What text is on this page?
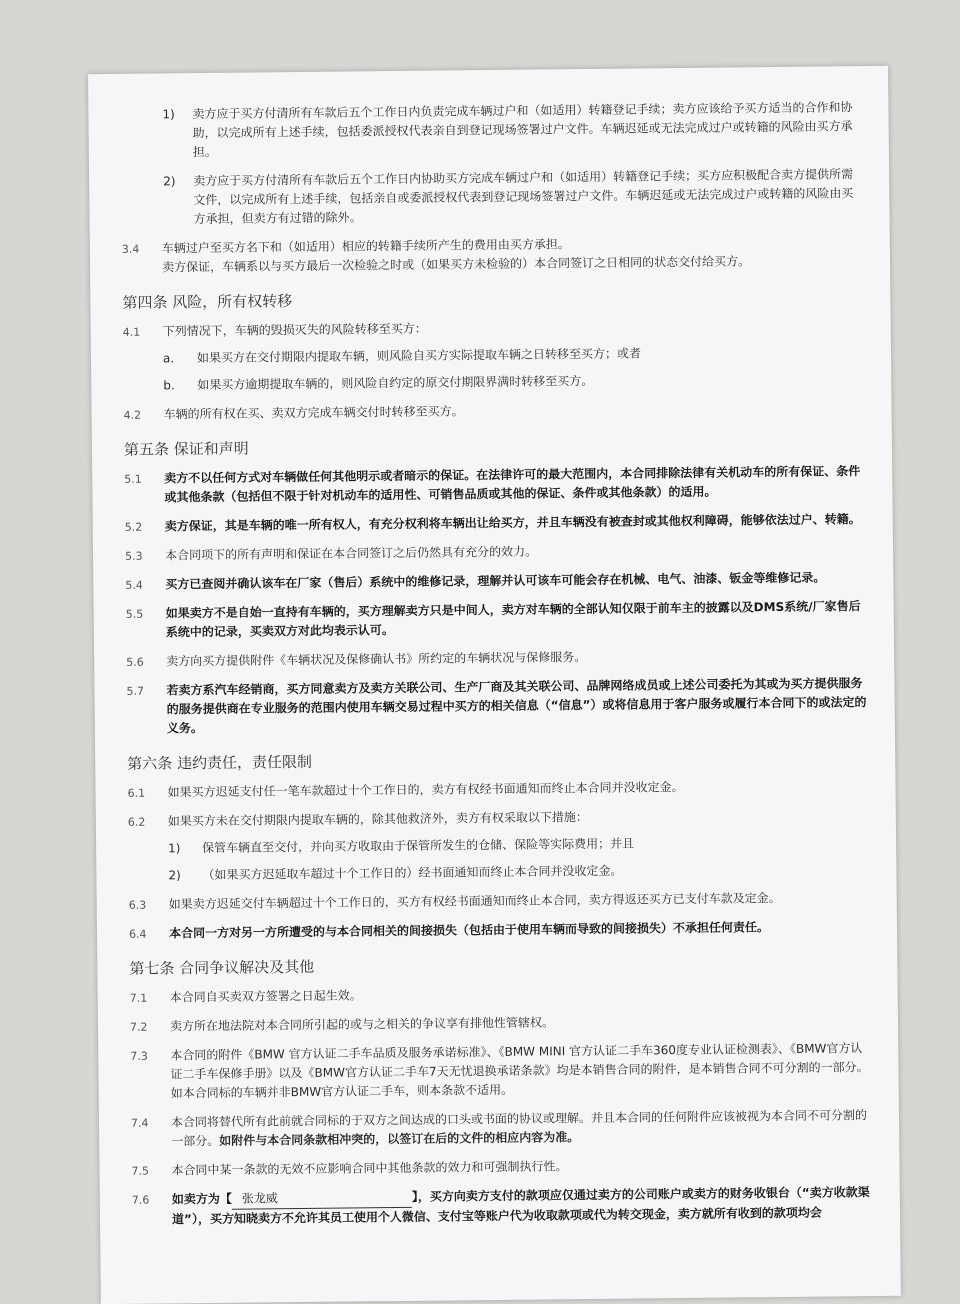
1)	卖方应于买方付清所有车款后五个工作日内负责完成车辆过户和（如适用）转籍登记手续；卖方应该给予买方适当的合作和协助，以完成所有上述手续，包括委派授权代表亲自到登记现场签署过户文件。车辆迟延或无法完成过户或转籍的风险由买方承担。
2)	卖方应于买方付清所有车款后五个工作日内协助买方完成车辆过户和（如适用）转籍登记手续；买方应积极配合卖方提供所需文件，以完成所有上述手续，包括亲自或委派授权代表到登记现场签署过户文件。车辆迟延或无法完成过户或转籍的风险由买方承担，但卖方有过错的除外。
3.4	车辆过户至买方名下和（如适用）相应的转籍手续所产生的费用由买方承担。
卖方保证，车辆系以与买方最后一次检验之时或（如果买方未检验的）本合同签订之日相同的状态交付给买方。
第四条 风险，所有权转移
4.1	下列情况下，车辆的毁损灭失的风险转移至买方：
a.	如果买方在交付期限内提取车辆，则风险自买方实际提取车辆之日转移至买方；或者
b.	如果买方逾期提取车辆的，则风险自约定的原交付期限界满时转移至买方。
4.2	车辆的所有权在买、卖双方完成车辆交付时转移至买方。
第五条 保证和声明
5.1	卖方不以任何方式对车辆做任何其他明示或者暗示的保证。在法律许可的最大范围内，本合同排除法律有关机动车的所有保证、条件或其他条款（包括但不限于针对机动车的适用性、可销售品质或其他的保证、条件或其他条款）的适用。
5.2	卖方保证，其是车辆的唯一所有权人，有充分权利将车辆出让给买方，并且车辆没有被查封或其他权利障碍，能够依法过户、转籍。
5.3	本合同项下的所有声明和保证在本合同签订之后仍然具有充分的效力。
5.4	买方已查阅并确认该车在厂家（售后）系统中的维修记录，理解并认可该车可能会存在机械、电气、油漆、钣金等维修记录。
5.5	如果卖方不是自始一直持有车辆的，买方理解卖方只是中间人，卖方对车辆的全部认知仅限于前车主的披露以及DMS系统/厂家售后系统中的记录，买卖双方对此均表示认可。
5.6	卖方向买方提供附件《车辆状况及保修确认书》所约定的车辆状况与保修服务。
5.7	若卖方系汽车经销商，买方同意卖方及卖方关联公司、生产厂商及其关联公司、品牌网络成员或上述公司委托为其或为买方提供服务的服务提供商在专业服务的范围内使用车辆交易过程中买方的相关信息（“信息”）或将信息用于客户服务或履行本合同下的或法定的义务。
第六条 违约责任，责任限制
6.1	如果买方迟延支付任一笔车款超过十个工作日的，卖方有权经书面通知而终止本合同并没收定金。
6.2	如果买方未在交付期限内提取车辆的，除其他救济外，卖方有权采取以下措施：
1)	保管车辆直至交付，并向买方收取由于保管所发生的仓储、保险等实际费用；并且
2)	（如果买方迟延取车超过十个工作日的）经书面通知而终止本合同并没收定金。
6.3	如果卖方迟延交付车辆超过十个工作日的，买方有权经书面通知而终止本合同，卖方得返还买方已支付车款及定金。
6.4	本合同一方对另一方所遭受的与本合同相关的间接损失（包括由于使用车辆而导致的间接损失）不承担任何责任。
第七条 合同争议解决及其他
7.1	本合同自买卖双方签署之日起生效。
7.2	卖方所在地法院对本合同所引起的或与之相关的争议享有排他性管辖权。
7.3	本合同的附件《BMW 官方认证二手车品质及服务承诺标准》、《BMW MINI 官方认证二手车360度专业认证检测表》、《BMW官方认证二手车保修手册》以及《BMW官方认证二手车7天无忧退换承诺条款》均是本销售合同的附件，是本销售合同不可分割的一部分。如本合同标的车辆并非BMW官方认证二手车，则本条款不适用。
7.4	本合同将替代所有此前就合同标的于双方之间达成的口头或书面的协议或理解。并且本合同的任何附件应该被视为本合同不可分割的一部分。如附件与本合同条款相冲突的，以签订在后的文件的相应内容为准。
7.5	本合同中某一条款的无效不应影响合同中其他条款的效力和可强制执行性。
7.6	如卖方为【 张龙威	】，买方向卖方支付的款项应仅通过卖方的公司账户或卖方的财务收银台（“卖方收款渠道”），买方知晓卖方不允许其员工使用个人微信、支付宝等账户代为收取款项或代为转交现金，卖方就所有收到的款项均会
